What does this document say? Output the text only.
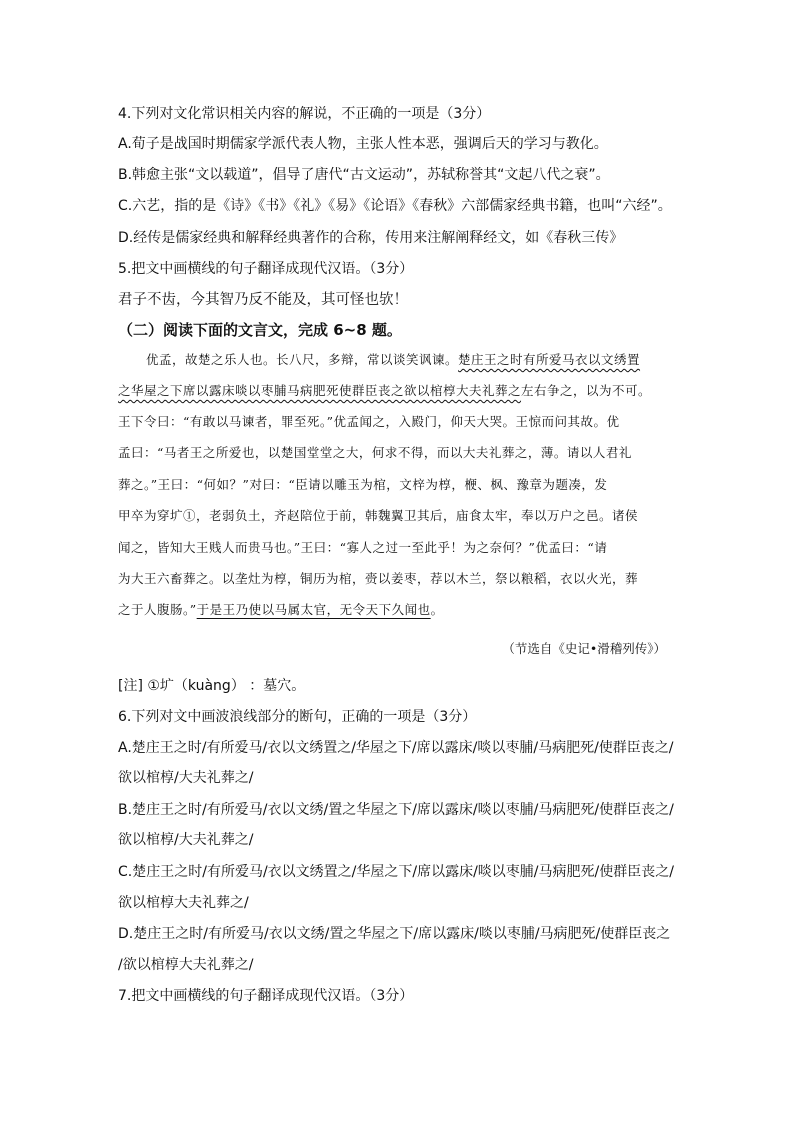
4.下列对文化常识相关内容的解说，不正确的一项是（3分）
A.荀子是战国时期儒家学派代表人物，主张人性本恶，强调后天的学习与教化。
B.韩愈主张“文以载道”，倡导了唐代“古文运动”，苏轼称誉其“文起八代之衰”。
C.六艺，指的是《诗》《书》《礼》《易》《论语》《春秋》六部儒家经典书籍，也叫“六经”。
D.经传是儒家经典和解释经典著作的合称，传用来注解阐释经文，如《春秋三传》
5.把文中画横线的句子翻译成现代汉语。（3分）
君子不齿，今其智乃反不能及，其可怪也欤！
（二）阅读下面的文言文，完成 6~8 题。
优孟，故楚之乐人也。长八尺，多辩，常以谈笑讽谏。楚庄王之时有所爱马衣以文绣置
之华屋之下席以露床啖以枣脯马病肥死使群臣丧之欲以棺椁大夫礼葬之左右争之，以为不可。
王下令曰：“有敢以马谏者，罪至死。”优孟闻之，入殿门，仰天大哭。王惊而问其故。优
孟曰：“马者王之所爱也，以楚国堂堂之大，何求不得，而以大夫礼葬之，薄。请以人君礼
葬之。”王曰：“何如？”对曰：“臣请以雕玉为棺，文梓为椁，楩、枫、豫章为题凑，发
甲卒为穿圹①，老弱负土，齐赵陪位于前，韩魏翼卫其后，庙食太牢，奉以万户之邑。诸侯
闻之，皆知大王贱人而贵马也。”王曰：“寡人之过一至此乎！为之奈何？”优孟曰：“请
为大王六畜葬之。以垄灶为椁，铜历为棺，赍以姜枣，荐以木兰，祭以粮稻，衣以火光，葬
之于人腹肠。”于是王乃使以马属太官，无令天下久闻也。
（节选自《史记•滑稽列传》）
[注] ①圹（kuàng） ：墓穴。
6.下列对文中画波浪线部分的断句，正确的一项是（3分）
A.楚庄王之时/有所爱马/衣以文绣置之/华屋之下/席以露床/啖以枣脯/马病肥死/使群臣丧之/
欲以棺椁/大夫礼葬之/
B.楚庄王之时/有所爱马/衣以文绣/置之华屋之下/席以露床/啖以枣脯/马病肥死/使群臣丧之/
欲以棺椁/大夫礼葬之/
C.楚庄王之时/有所爱马/衣以文绣置之/华屋之下/席以露床/啖以枣脯/马病肥死/使群臣丧之/
欲以棺椁大夫礼葬之/
D.楚庄王之时/有所爱马/衣以文绣/置之华屋之下/席以露床/啖以枣脯/马病肥死/使群臣丧之
/欲以棺椁大夫礼葬之/
7.把文中画横线的句子翻译成现代汉语。（3分）
